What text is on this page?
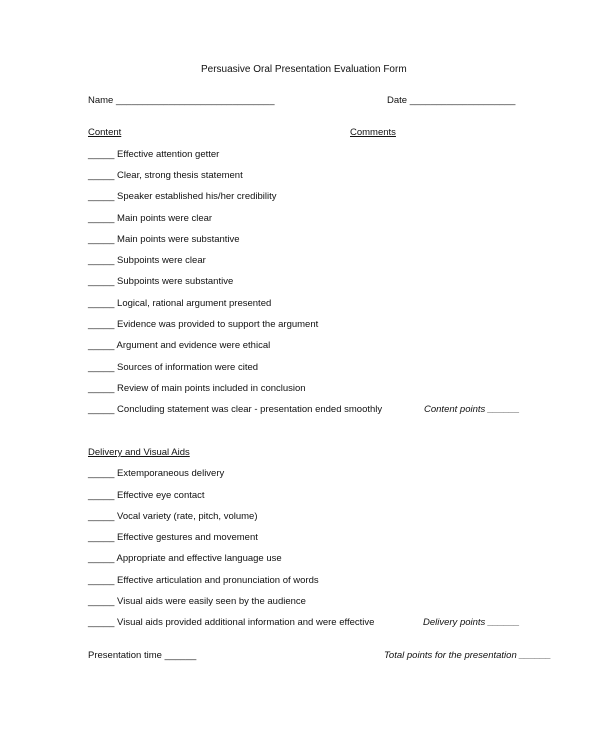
Persuasive Oral Presentation Evaluation Form
Name ______________________________	Date ____________________
Content	Comments
_____ Effective attention getter
_____ Clear, strong thesis statement
_____ Speaker established his/her credibility
_____ Main points were clear
_____ Main points were substantive
_____ Subpoints were clear
_____ Subpoints were substantive
_____ Logical, rational argument presented
_____ Evidence was provided to support the argument
_____ Argument and evidence were ethical
_____ Sources of information were cited
_____ Review of main points included in conclusion
_____ Concluding statement was clear - presentation ended smoothly	Content points ______
Delivery and Visual Aids
_____ Extemporaneous delivery
_____ Effective eye contact
_____ Vocal variety (rate, pitch, volume)
_____ Effective gestures and movement
_____ Appropriate and effective language use
_____ Effective articulation and pronunciation of words
_____ Visual aids were easily seen by the audience
_____ Visual aids provided additional information and were effective	Delivery points ______
Presentation time ______	Total points for the presentation ______
